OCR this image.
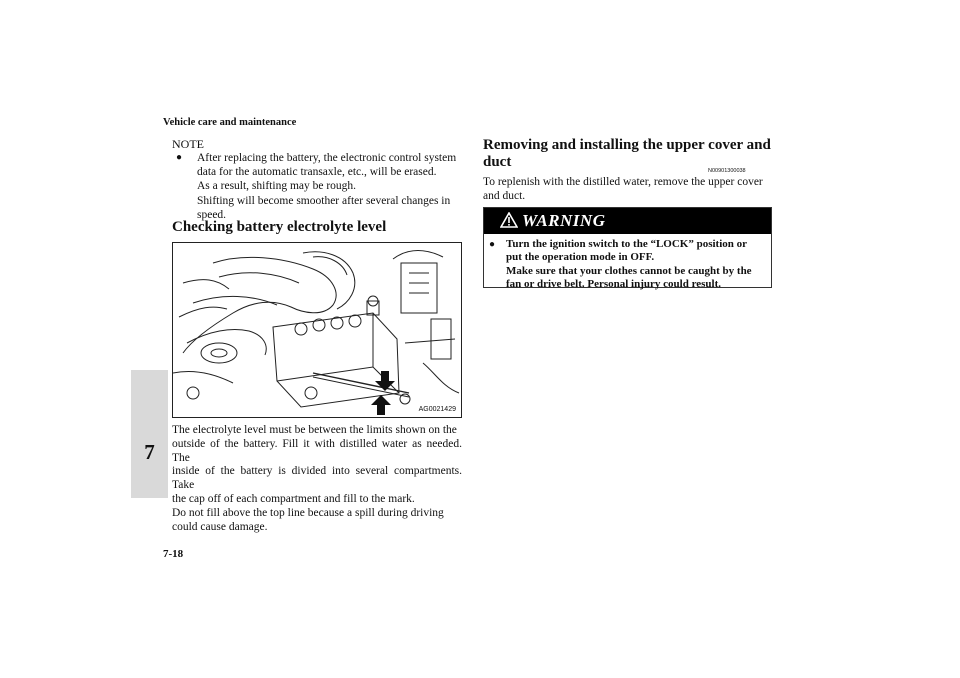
Vehicle care and maintenance
7
NOTE
● After replacing the battery, the electronic control system
data for the automatic transaxle, etc., will be erased.
As a result, shifting may be rough.
Shifting will become smoother after several changes in
speed.
Checking battery electrolyte level
AG0021429
The electrolyte level must be between the limits shown on the
outside of the battery. Fill it with distilled water as needed. The
inside of the battery is divided into several compartments. Take
the cap off of each compartment and fill to the mark.
Do not fill above the top line because a spill during driving
could cause damage.
Removing and installing the upper cover and duct
N00901300038
To replenish with the distilled water, remove the upper cover
and duct.
WARNING
● Turn the ignition switch to the “LOCK” position or
put the operation mode in OFF.
Make sure that your clothes cannot be caught by the
fan or drive belt. Personal injury could result.
7-18
